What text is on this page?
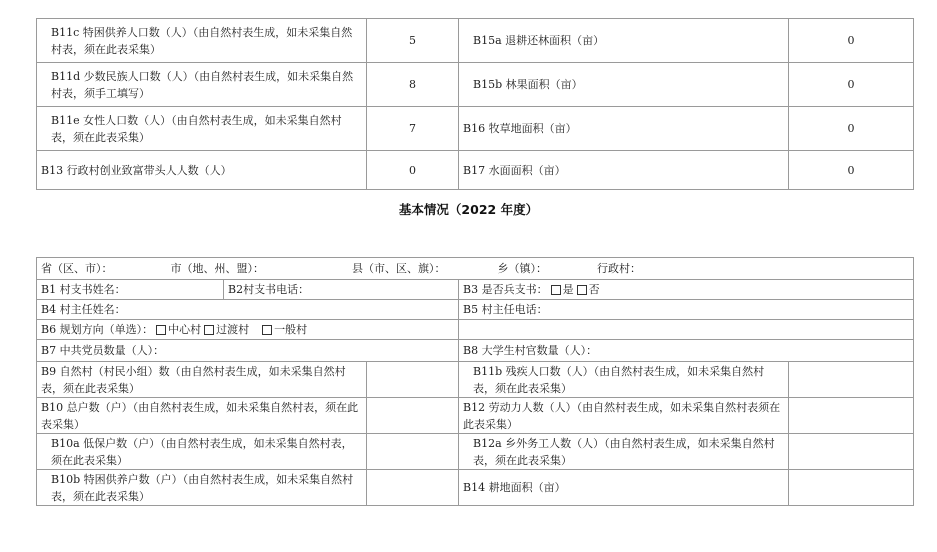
B11c 特困供养人口数（人）（由自然村表生成，如未采集自然村表，须在此表采集）	5	B15a 退耕还林面积（亩）	0
B11d 少数民族人口数（人）（由自然村表生成，如未采集自然村表，须手工填写）	8	B15b 林果面积（亩）	0
B11e 女性人口数（人）（由自然村表生成，如未采集自然村表，须在此表采集）	7	B16 牧草地面积（亩）	0
B13 行政村创业致富带头人人数（人）	0	B17 水面面积（亩）	0
基本情况（2022 年度）
省（区、市）： 市（地、州、盟）： 县（市、区、旗）： 乡（镇）： 行政村：				
B1 村支书姓名：	B2村支书电话：		B3 是否兵支书： 是 否	
B4 村主任姓名：			B5 村主任电话：	
B6 规划方向（单选）： 中心村 过渡村 一般村				
B7 中共党员数量（人）：			B8 大学生村官数量（人）：	
B9 自然村（村民小组）数（由自然村表生成，如未采集自然村表，须在此表采集）			B11b 残疾人口数（人）（由自然村表生成，如未采集自然村表，须在此表采集）	
B10 总户数（户）（由自然村表生成，如未采集自然村表，须在此表采集）			B12 劳动力人数（人）（由自然村表生成，如未采集自然村表须在此表采集）	
B10a 低保户数（户）（由自然村表生成，如未采集自然村表，须在此表采集）			B12a 乡外务工人数（人）（由自然村表生成，如未采集自然村表，须在此表采集）	
B10b 特困供养户数（户）（由自然村表生成，如未采集自然村表，须在此表采集）			B14 耕地面积（亩）	
